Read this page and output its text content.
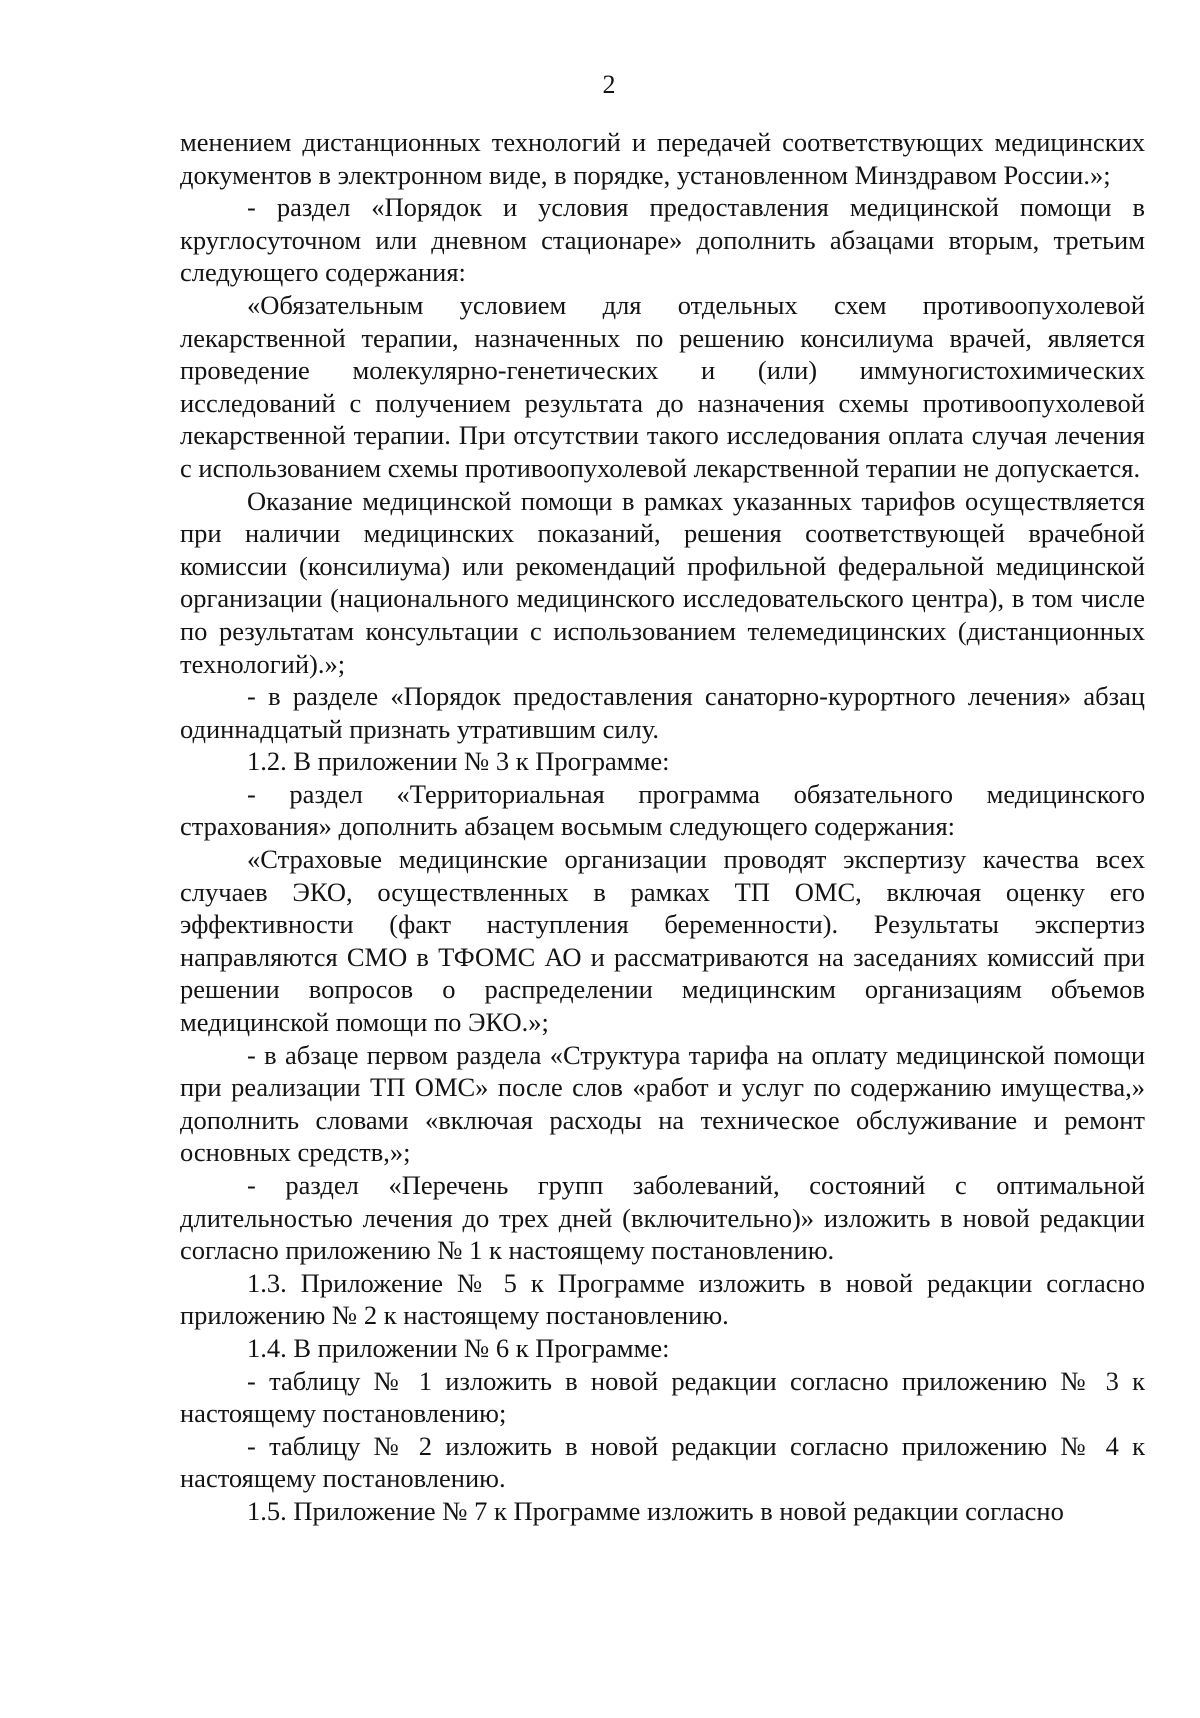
2

менением дистанционных технологий и передачей соответствующих медицинских документов в электронном виде, в порядке, установленном Минздравом России.»;

- раздел «Порядок и условия предоставления медицинской помощи в круглосуточном или дневном стационаре» дополнить абзацами вторым, третьим следующего содержания:

«Обязательным условием для отдельных схем противоопухолевой лекарственной терапии, назначенных по решению консилиума врачей, является проведение молекулярно-генетических и (или) иммуногистохимических исследований с получением результата до назначения схемы противоопухолевой лекарственной терапии. При отсутствии такого исследования оплата случая лечения с использованием схемы противоопухолевой лекарственной терапии не допускается.

Оказание медицинской помощи в рамках указанных тарифов осуществляется при наличии медицинских показаний, решения соответствующей врачебной комиссии (консилиума) или рекомендаций профильной федеральной медицинской организации (национального медицинского исследовательского центра), в том числе по результатам консультации с использованием телемедицинских (дистанционных технологий).»;

- в разделе «Порядок предоставления санаторно-курортного лечения» абзац одиннадцатый признать утратившим силу.

1.2. В приложении № 3 к Программе:

- раздел «Территориальная программа обязательного медицинского страхования» дополнить абзацем восьмым следующего содержания:

«Страховые медицинские организации проводят экспертизу качества всех случаев ЭКО, осуществленных в рамках ТП ОМС, включая оценку его эффективности (факт наступления беременности). Результаты экспертиз направляются СМО в ТФОМС АО и рассматриваются на заседаниях комиссий при решении вопросов о распределении медицинским организациям объемов медицинской помощи по ЭКО.»;

- в абзаце первом раздела «Структура тарифа на оплату медицинской помощи при реализации ТП ОМС» после слов «работ и услуг по содержанию имущества,» дополнить словами «включая расходы на техническое обслуживание и ремонт основных средств,»;

- раздел «Перечень групп заболеваний, состояний с оптимальной длительностью лечения до трех дней (включительно)» изложить в новой редакции согласно приложению № 1 к настоящему постановлению.

1.3. Приложение № 5 к Программе изложить в новой редакции согласно приложению № 2 к настоящему постановлению.

1.4. В приложении № 6 к Программе:

- таблицу № 1 изложить в новой редакции согласно приложению № 3 к настоящему постановлению;

- таблицу № 2 изложить в новой редакции согласно приложению № 4 к настоящему постановлению.

1.5. Приложение № 7 к Программе изложить в новой редакции согласно
